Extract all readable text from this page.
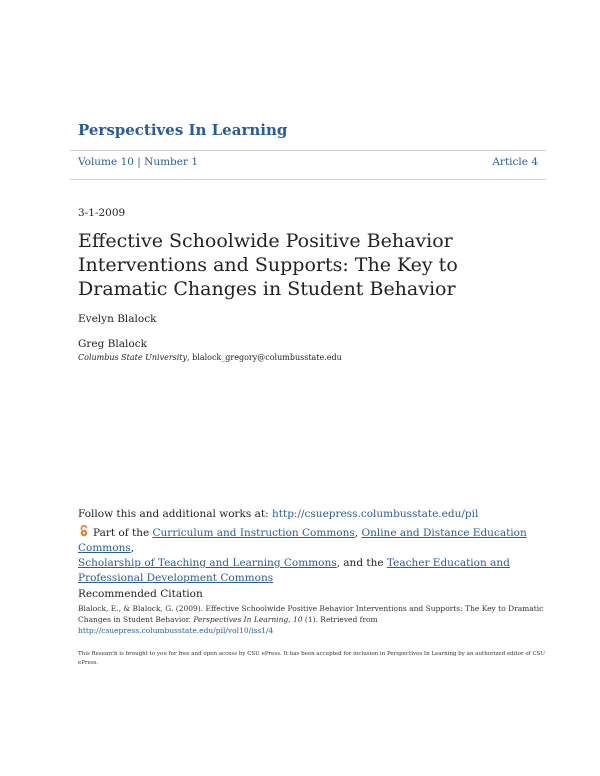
Perspectives In Learning
Volume 10 | Number 1	Article 4
3-1-2009
Effective Schoolwide Positive Behavior Interventions and Supports: The Key to Dramatic Changes in Student Behavior
Evelyn Blalock
Greg Blalock
Columbus State University, blalock_gregory@columbusstate.edu
Follow this and additional works at: http://csuepress.columbusstate.edu/pil
Part of the Curriculum and Instruction Commons, Online and Distance Education Commons,
Scholarship of Teaching and Learning Commons, and the Teacher Education and Professional Development Commons
Recommended Citation
Blalock, E., & Blalock, G. (2009). Effective Schoolwide Positive Behavior Interventions and Supports: The Key to Dramatic Changes in Student Behavior. Perspectives In Learning, 10 (1). Retrieved from http://csuepress.columbusstate.edu/pil/vol10/iss1/4
This Research is brought to you for free and open access by CSU ePress. It has been accepted for inclusion in Perspectives In Learning by an authorized editor of CSU ePress.
